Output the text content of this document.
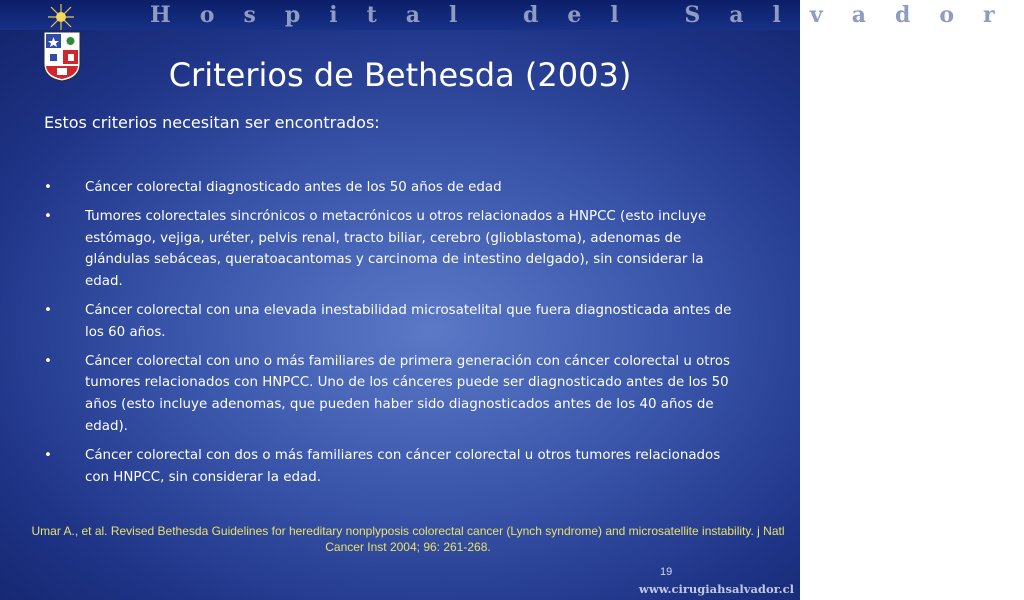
Hospital del Salvador
Criterios de Bethesda (2003)
Estos criterios necesitan ser encontrados:
• Cáncer colorectal diagnosticado antes de los 50 años de edad
• Tumores colorectales sincrónicos o metacrónicos u otros relacionados a HNPCC (esto incluye estómago, vejiga, uréter, pelvis renal, tracto biliar, cerebro (glioblastoma), adenomas de glándulas sebáceas, queratoacantomas y carcinoma de intestino delgado), sin considerar la edad.
• Cáncer colorectal con una elevada inestabilidad microsatelital que fuera diagnosticada antes de los 60 años.
• Cáncer colorectal con uno o más familiares de primera generación con cáncer colorectal u otros tumores relacionados con HNPCC. Uno de los cánceres puede ser diagnosticado antes de los 50 años (esto incluye adenomas, que pueden haber sido diagnosticados antes de los 40 años de edad).
• Cáncer colorectal con dos o más familiares con cáncer colorectal u otros tumores relacionados con HNPCC, sin considerar la edad.
Umar A., et al. Revised Bethesda Guidelines for hereditary nonplyposis colorectal cancer (Lynch syndrome) and microsatellite instability. j Natl Cancer Inst 2004; 96: 261-268.
19
www.cirugiahsalvador.cl
